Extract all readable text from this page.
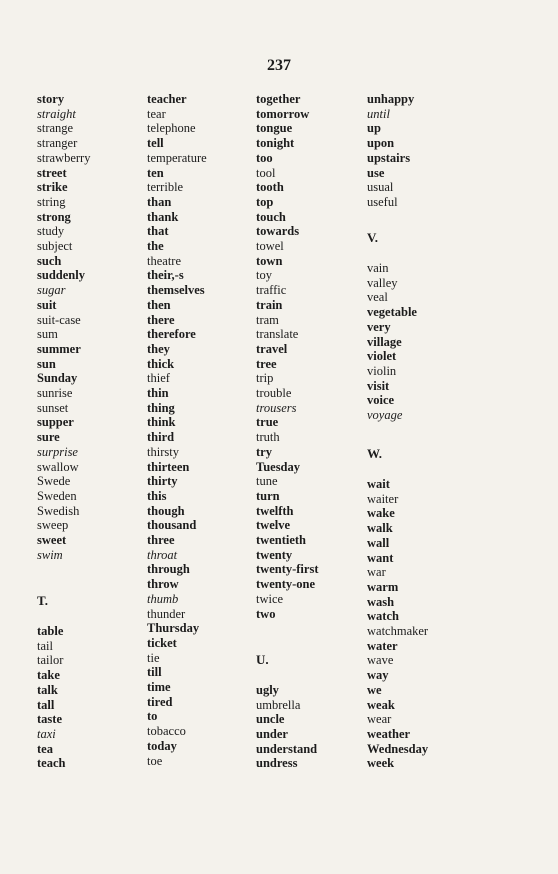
237
story
straight
strange
stranger
strawberry
street
strike
string
strong
study
subject
such
suddenly
sugar
suit
suit-case
sum
summer
sun
Sunday
sunrise
sunset
supper
sure
surprise
swallow
Swede
Sweden
Swedish
sweep
sweet
swim
T.
table
tail
tailor
take
talk
tall
taste
taxi
tea
teach
teacher
tear
telephone
tell
temperature
ten
terrible
than
thank
that
the
theatre
their,-s
themselves
then
there
therefore
they
thick
thief
thin
thing
think
third
thirsty
thirteen
thirty
this
though
thousand
three
throat
through
throw
thumb
thunder
Thursday
ticket
tie
till
time
tired
to
tobacco
today
toe
together
tomorrow
tongue
tonight
too
tool
tooth
top
touch
towards
towel
town
toy
traffic
train
tram
translate
travel
tree
trip
trouble
trousers
true
truth
try
Tuesday
tune
turn
twelfth
twelve
twentieth
twenty
twenty-first
twenty-one
twice
two
U.
ugly
umbrella
uncle
under
understand
undress
unhappy
until
up
upon
upstairs
use
usual
useful
V.
vain
valley
veal
vegetable
very
village
violet
violin
visit
voice
voyage
W.
wait
waiter
wake
walk
wall
want
war
warm
wash
watch
watchmaker
water
wave
way
we
weak
wear
weather
Wednesday
week
